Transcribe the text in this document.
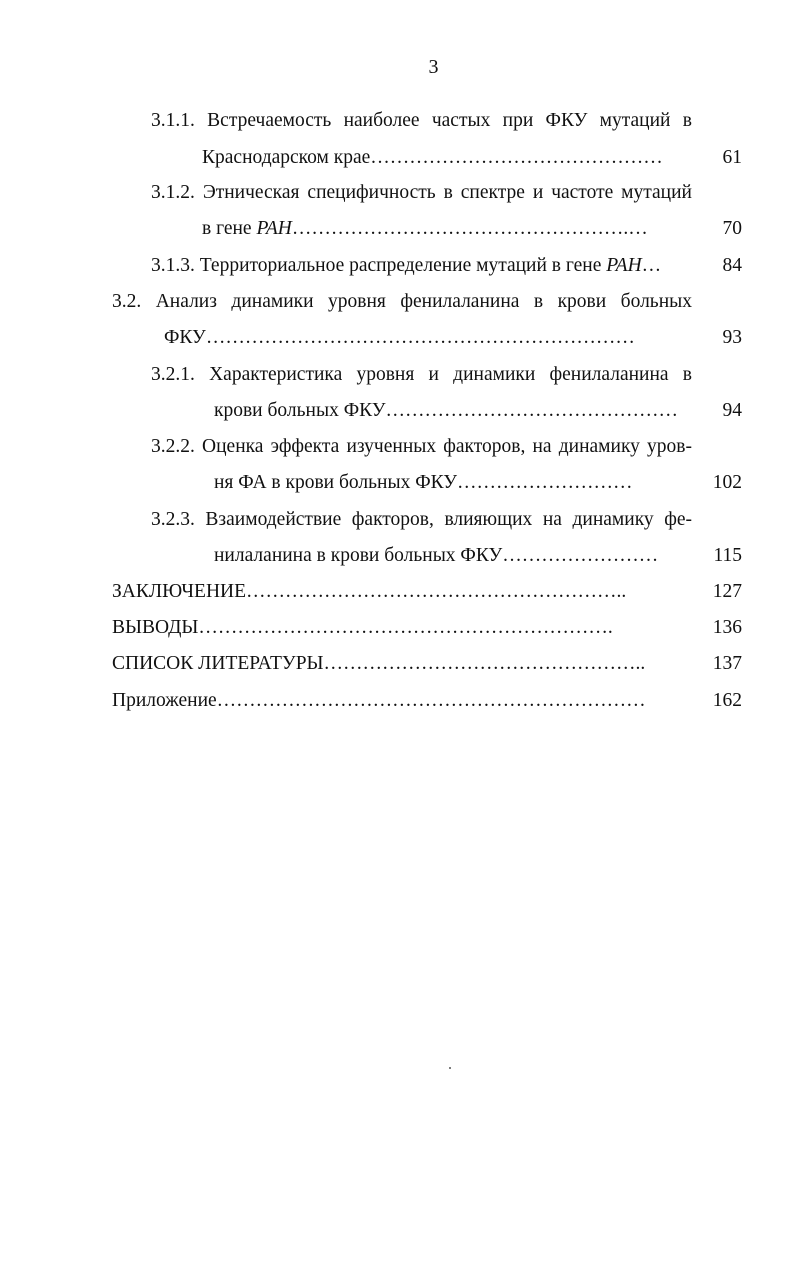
3
3.1.1. Встречаемость наиболее частых при ФКУ мутаций в
Краснодарском крае………………………………………	61
3.1.2. Этническая специфичность в спектре и частоте мутаций
в гене PAH…………………………………………….…	70
3.1.3. Территориальное распределение мутаций в гене PAH…	84
3.2. Анализ динамики уровня фенилаланина в крови больных
ФКУ…………………………………………………………	93
3.2.1. Характеристика уровня и динамики фенилаланина в
крови больных ФКУ………………………………………	94
3.2.2. Оценка эффекта изученных факторов, на динамику уров-
ня ФА в крови больных ФКУ………………………	102
3.2.3. Взаимодействие факторов, влияющих на динамику фе-
нилаланина в крови больных ФКУ……………………	115
ЗАКЛЮЧЕНИЕ…………………………………………………..	127
ВЫВОДЫ……………………………………………………….	136
СПИСОК ЛИТЕРАТУРЫ…………………………………………..	137
Приложение…………………………………………………………	162
